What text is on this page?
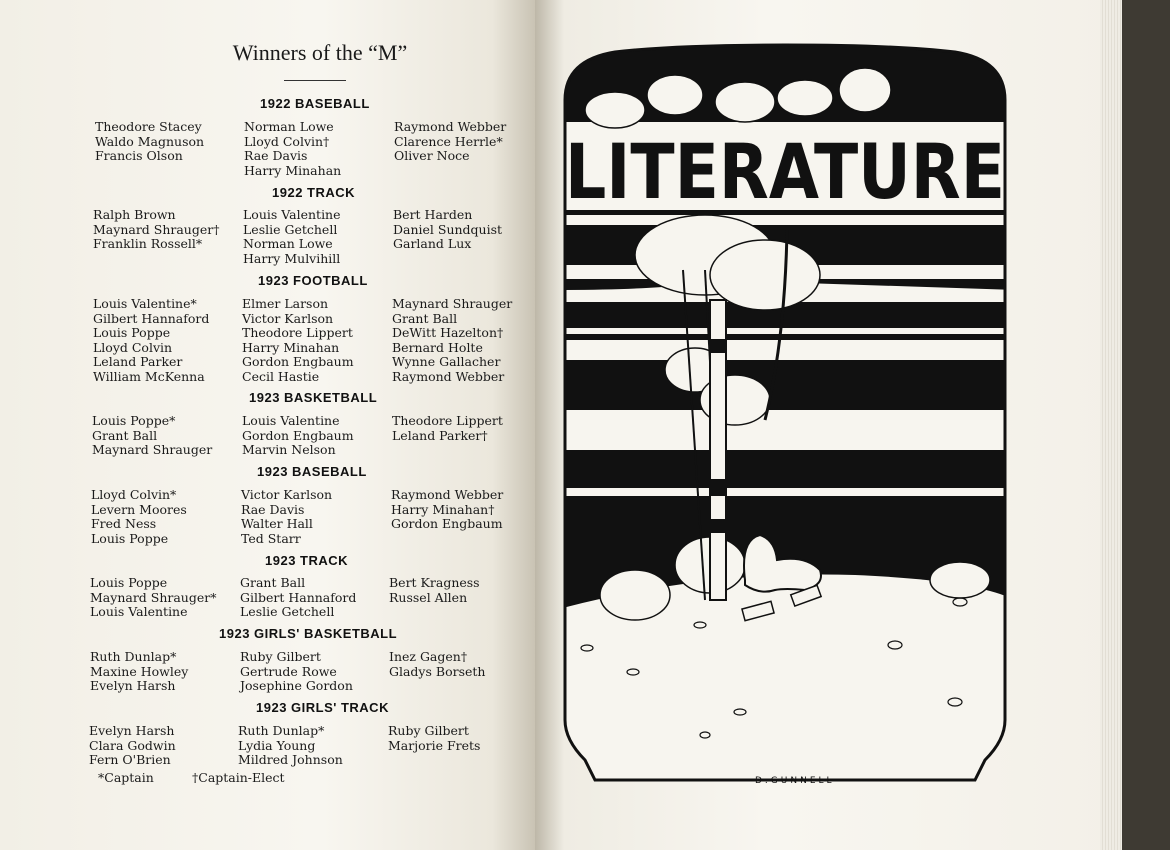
Winners of the “M”
1922 BASEBALL
Theodore Stacey
Waldo Magnuson
Francis Olson
Norman Lowe
Lloyd Colvin†
Rae Davis
Harry Minahan
Raymond Webber
Clarence Herrle*
Oliver Noce
1922 TRACK
Ralph Brown
Maynard Shrauger†
Franklin Rossell*
Louis Valentine
Leslie Getchell
Norman Lowe
Harry Mulvihill
Bert Harden
Daniel Sundquist
Garland Lux
1923 FOOTBALL
Louis Valentine*
Gilbert Hannaford
Louis Poppe
Lloyd Colvin
Leland Parker
William McKenna
Elmer Larson
Victor Karlson
Theodore Lippert
Harry Minahan
Gordon Engbaum
Cecil Hastie
Maynard Shrauger
Grant Ball
DeWitt Hazelton†
Bernard Holte
Wynne Gallacher
Raymond Webber
1923 BASKETBALL
Louis Poppe*
Grant Ball
Maynard Shrauger
Louis Valentine
Gordon Engbaum
Marvin Nelson
Theodore Lippert
Leland Parker†
1923 BASEBALL
Lloyd Colvin*
Levern Moores
Fred Ness
Louis Poppe
Victor Karlson
Rae Davis
Walter Hall
Ted Starr
Raymond Webber
Harry Minahan†
Gordon Engbaum
1923 TRACK
Louis Poppe
Maynard Shrauger*
Louis Valentine
Grant Ball
Gilbert Hannaford
Leslie Getchell
Bert Kragness
Russel Allen
1923 GIRLS' BASKETBALL
Ruth Dunlap*
Maxine Howley
Evelyn Harsh
Ruby Gilbert
Gertrude Rowe
Josephine Gordon
Inez Gagen†
Gladys Borseth
1923 GIRLS' TRACK
Evelyn Harsh
Clara Godwin
Fern O'Brien
Ruth Dunlap*
Lydia Young
Mildred Johnson
Ruby Gilbert
Marjorie Frets
*Captain	†Captain-Elect	D.GUNNELL
LITERATURE
